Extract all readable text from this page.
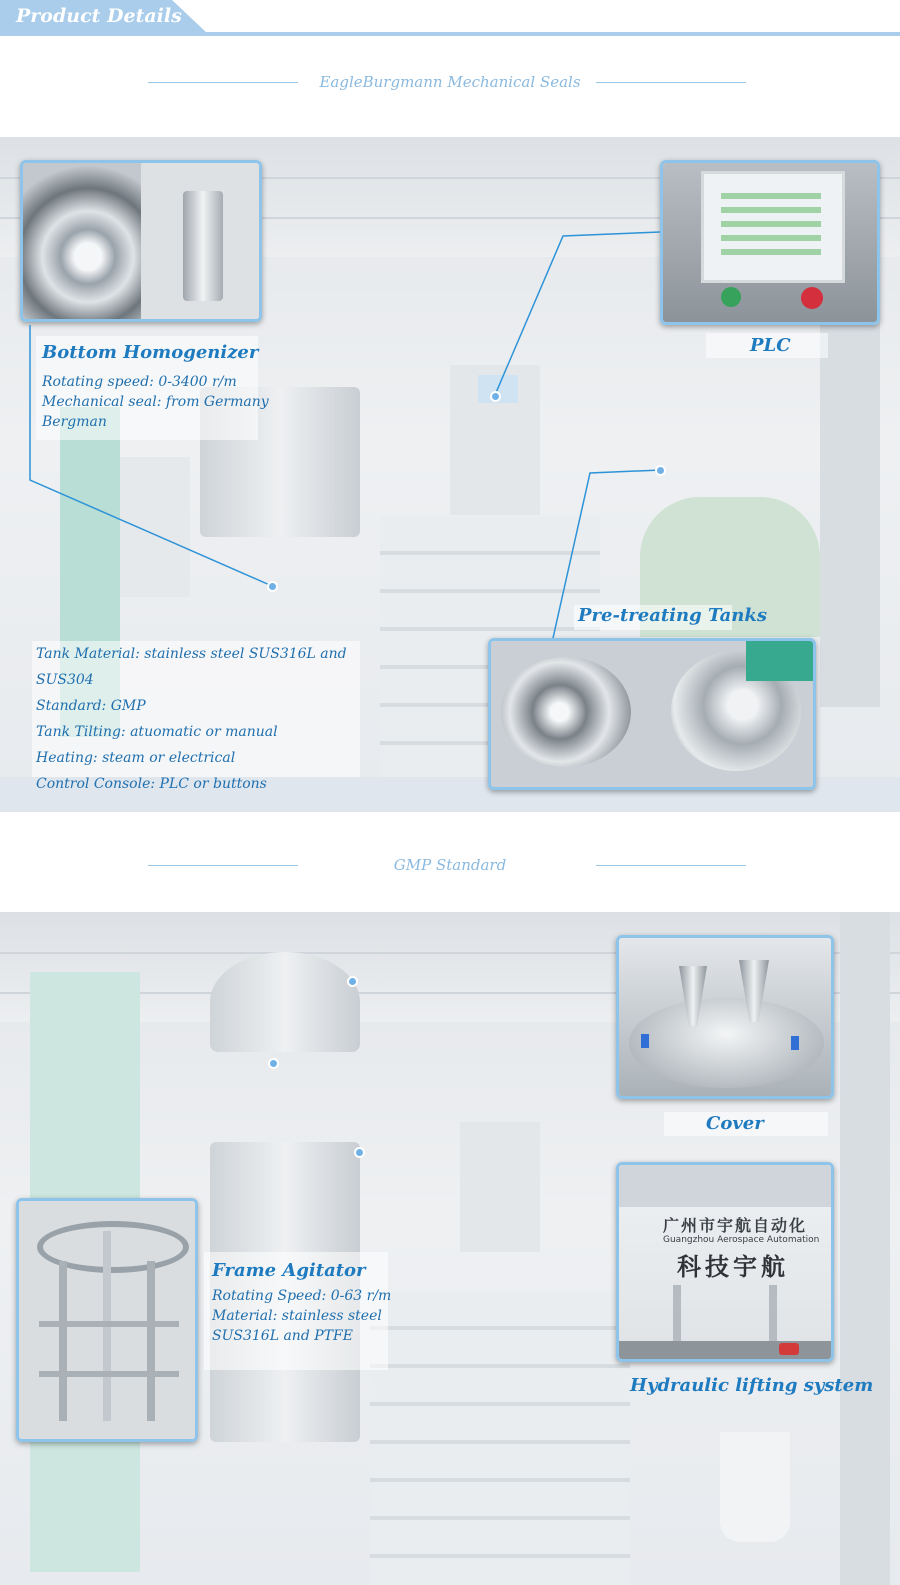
Product Details
EagleBurgmann Mechanical Seals
Bottom Homogenizer
Rotating speed: 0-3400 r/m
Mechanical seal: from Germany
Bergman
PLC
Pre-treating Tanks
Tank Material: stainless steel SUS316L and SUS304
Standard: GMP
Tank Tilting: atuomatic or manual
Heating: steam or electrical
Control Console: PLC or buttons
GMP Standard
广州市宇航自动化
Guangzhou Aerospace Automation
科技宇航
Cover
Frame Agitator
Rotating Speed: 0-63 r/m
Material: stainless steel
SUS316L and PTFE
Hydraulic lifting system
